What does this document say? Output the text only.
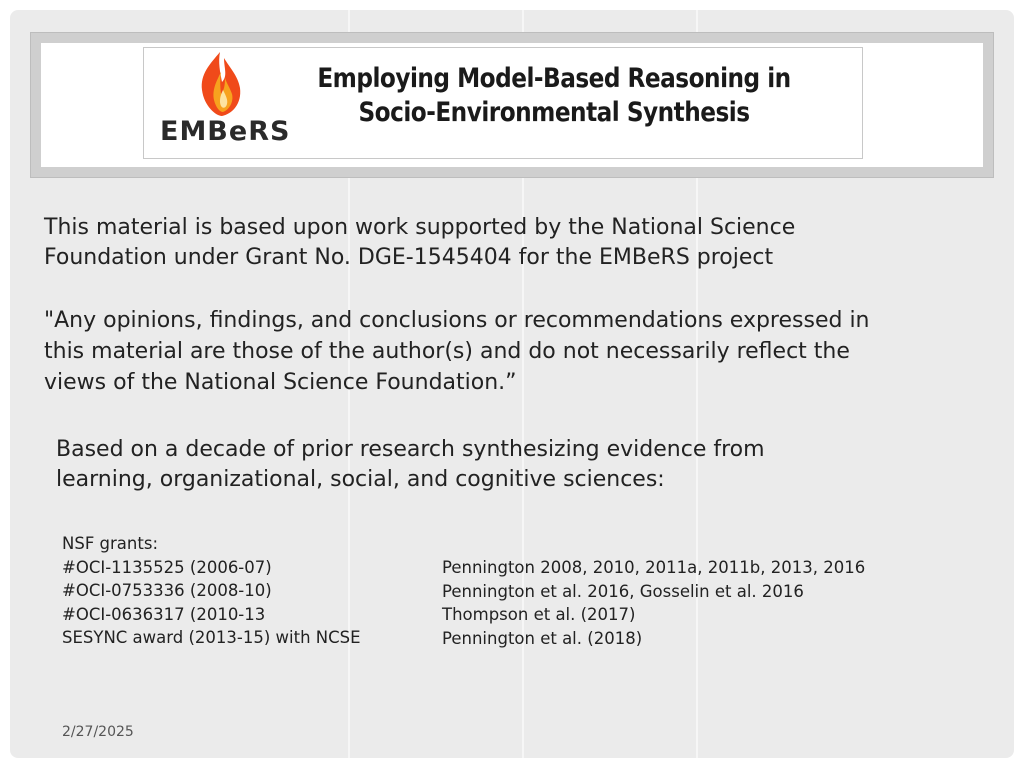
EMBeRS
Employing Model-Based Reasoning in
Socio-Environmental Synthesis

This material is based upon work supported by the National Science
Foundation under Grant No. DGE-1545404 for the EMBeRS project

"Any opinions, findings, and conclusions or recommendations expressed in
this material are those of the author(s) and do not necessarily reflect the
views of the National Science Foundation.”

Based on a decade of prior research synthesizing evidence from
learning, organizational, social, and cognitive sciences:

NSF grants:
#OCI-1135525 (2006-07)
#OCI-0753336 (2008-10)
#OCI-0636317 (2010-13
SESYNC award (2013-15) with NCSE
Pennington 2008, 2010, 2011a, 2011b, 2013, 2016
Pennington et al. 2016, Gosselin et al. 2016
Thompson et al. (2017)
Pennington et al. (2018)
2/27/2025
